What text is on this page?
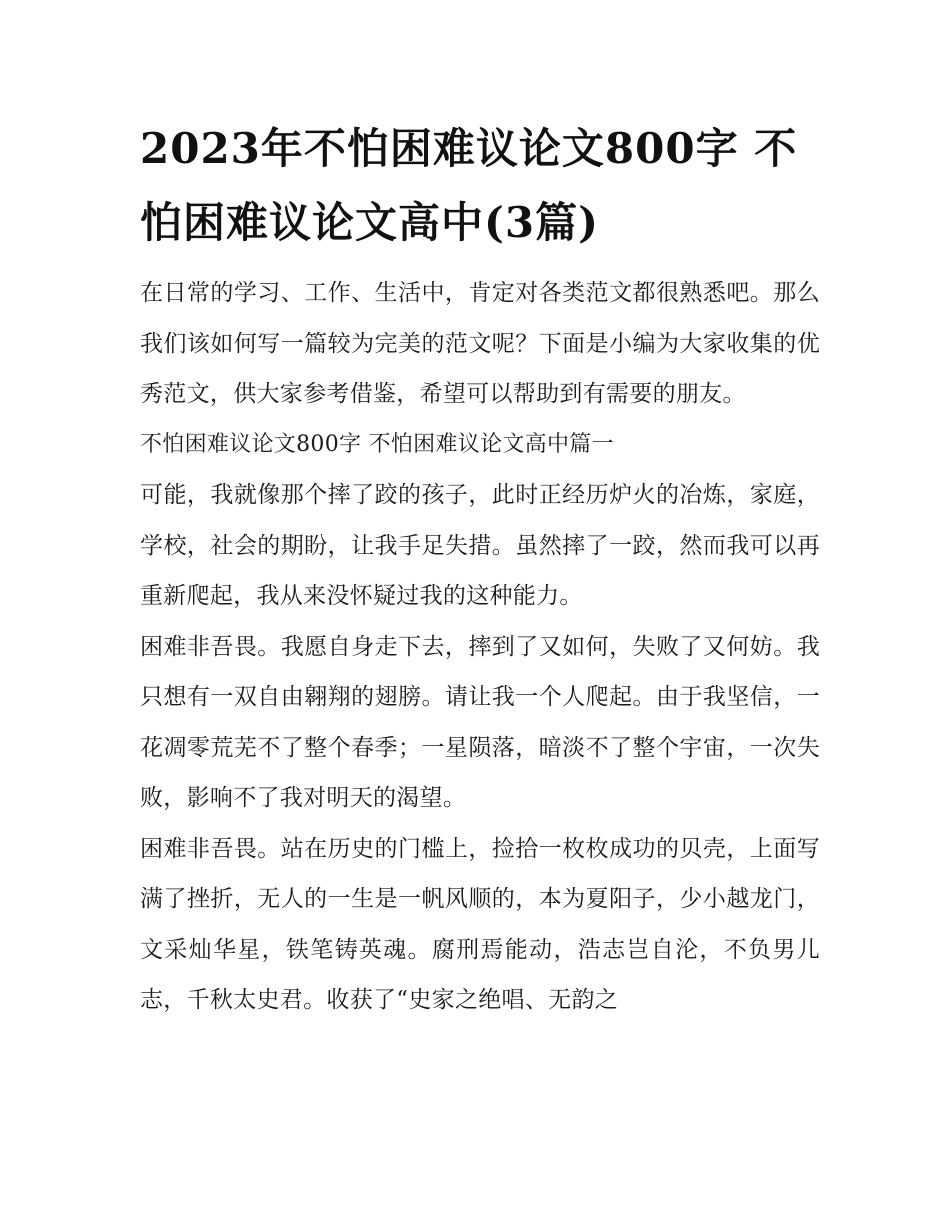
2023年不怕困难议论文800字 不怕困难议论文高中(3篇)

在日常的学习、工作、生活中，肯定对各类范文都很熟悉吧。那么我们该如何写一篇较为完美的范文呢？下面是小编为大家收集的优秀范文，供大家参考借鉴，希望可以帮助到有需要的朋友。

不怕困难议论文800字 不怕困难议论文高中篇一

可能，我就像那个摔了跤的孩子，此时正经历炉火的冶炼，家庭，学校，社会的期盼，让我手足失措。虽然摔了一跤，然而我可以再重新爬起，我从来没怀疑过我的这种能力。

困难非吾畏。我愿自身走下去，摔到了又如何，失败了又何妨。我只想有一双自由翱翔的翅膀。请让我一个人爬起。由于我坚信，一花凋零荒芜不了整个春季；一星陨落，暗淡不了整个宇宙，一次失败，影响不了我对明天的渴望。

困难非吾畏。站在历史的门槛上，捡拾一枚枚成功的贝壳，上面写满了挫折，无人的一生是一帆风顺的，本为夏阳子，少小越龙门，文采灿华星，铁笔铸英魂。腐刑焉能动，浩志岂自沦，不负男儿志，千秋太史君。收获了“史家之绝唱、无韵之
